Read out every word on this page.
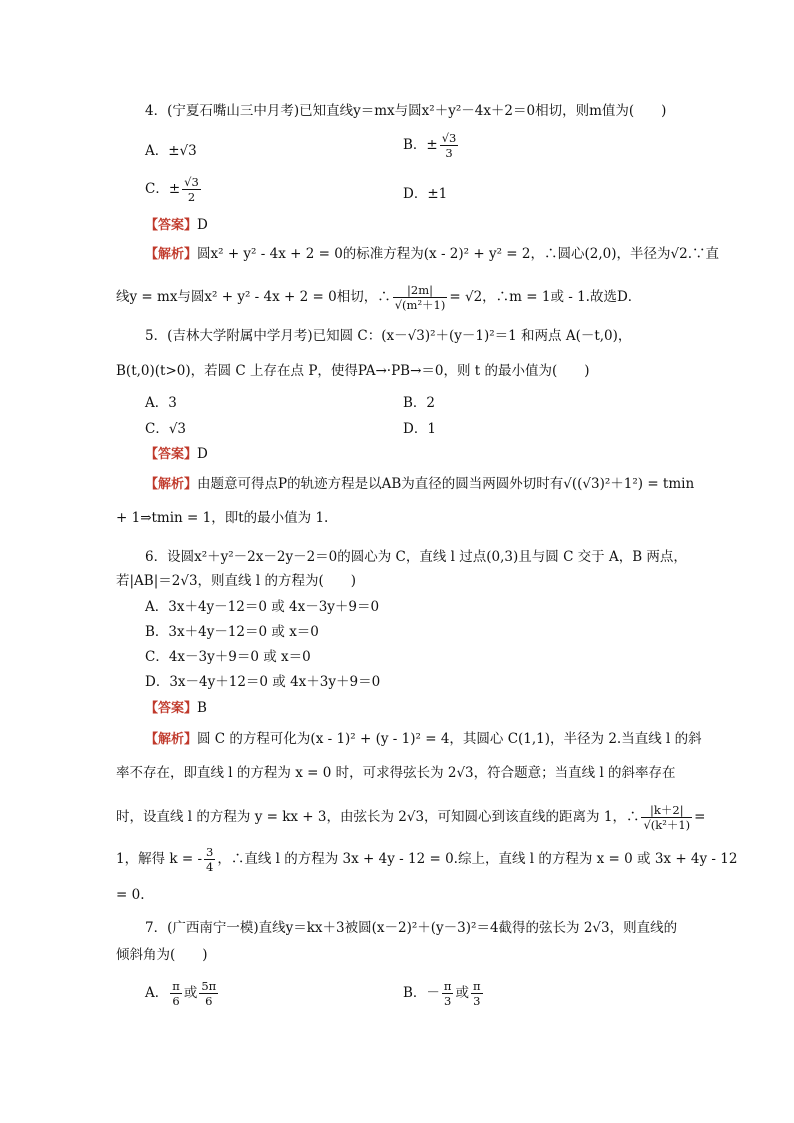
4．(宁夏石嘴山三中月考)已知直线y＝mx与圆x²＋y²－4x＋2＝0相切，则m值为(　　)
A．±√3	B．± $\frac{√3}{3}$
C．± $\frac{√3}{2}$	D．±1
【答案】D
【解析】圆x² + y² - 4x + 2 = 0的标准方程为(x - 2)² + y² = 2，∴圆心(2,0)，半径为√2.∵直
线y = mx与圆x² + y² - 4x + 2 = 0相切，∴ $\frac{|2m|}{\text{√(m²＋1)}} = √2$，∴m = 1或 - 1.故选D．
5．(吉林大学附属中学月考)已知圆 C：(x－√3)²＋(y－1)²＝1 和两点 A(－t,0)，
B(t,0)(t>0)，若圆 C 上存在点 P，使得PA→·PB→＝0，则 t 的最小值为(　　)
A．3	B．2
C．√3	D．1
【答案】D
【解析】由题意可得点P的轨迹方程是以AB为直径的圆当两圆外切时有√((√3)²＋1²) = tmin
+ 1⇒tmin = 1，即t的最小值为 1.
6．设圆x²＋y²－2x－2y－2＝0的圆心为 C，直线 l 过点(0,3)且与圆 C 交于 A，B 两点，
若|AB|＝2√3，则直线 l 的方程为(　　)
A．3x＋4y－12＝0 或 4x－3y＋9＝0
B．3x＋4y－12＝0 或 x＝0
C．4x－3y＋9＝0 或 x＝0
D．3x－4y＋12＝0 或 4x＋3y＋9＝0
【答案】B
【解析】圆 C 的方程可化为(x - 1)² + (y - 1)² = 4，其圆心 C(1,1)，半径为 2.当直线 l 的斜
率不存在，即直线 l 的方程为 x = 0 时，可求得弦长为 2√3，符合题意；当直线 l 的斜率存在
时，设直线 l 的方程为 y = kx + 3，由弦长为 2√3，可知圆心到该直线的距离为 1，∴ $\frac{|k+2|}{\text{√(k²＋1)}}$ =
1，解得 k = - $\frac{3}{4}$ ，∴直线 l 的方程为 3x + 4y - 12 = 0.综上，直线 l 的方程为 x = 0 或 3x + 4y - 12
= 0.
7．(广西南宁一模)直线y＝kx＋3被圆(x－2)²＋(y－3)²＝4截得的弦长为 2√3，则直线的
倾斜角为(　　)
A． $\frac{\pi}{6}$ 或 $\frac{5\pi}{6}$	B．－ $\frac{\pi}{3}$ 或 $\frac{\pi}{3}$
